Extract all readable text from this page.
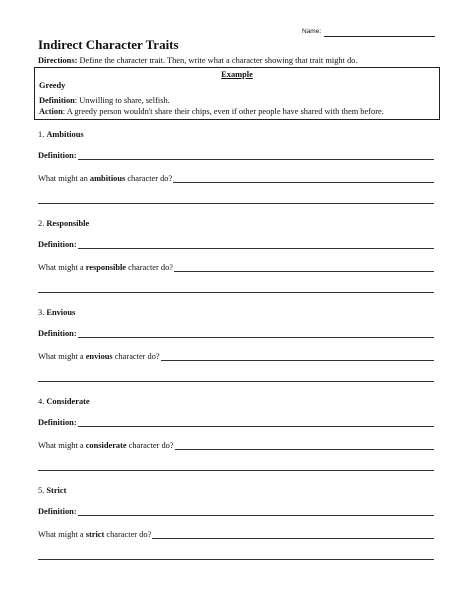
Name:
Indirect Character Traits
Directions: Define the character trait. Then, write what a character showing that trait might do.
Example
Greedy
Definition: Unwilling to share, selfish.
Action: A greedy person wouldn't share their chips, even if other people have shared with them before.
1. Ambitious
Definition :
What might an ambitious character do?
2. Responsible
Definition :
What might a responsible character do?
3. Envious
Definition :
What might a envious character do?
4. Considerate
Definition :
What might a considerate character do?
5. Strict
Definition :
What might a strict character do?
